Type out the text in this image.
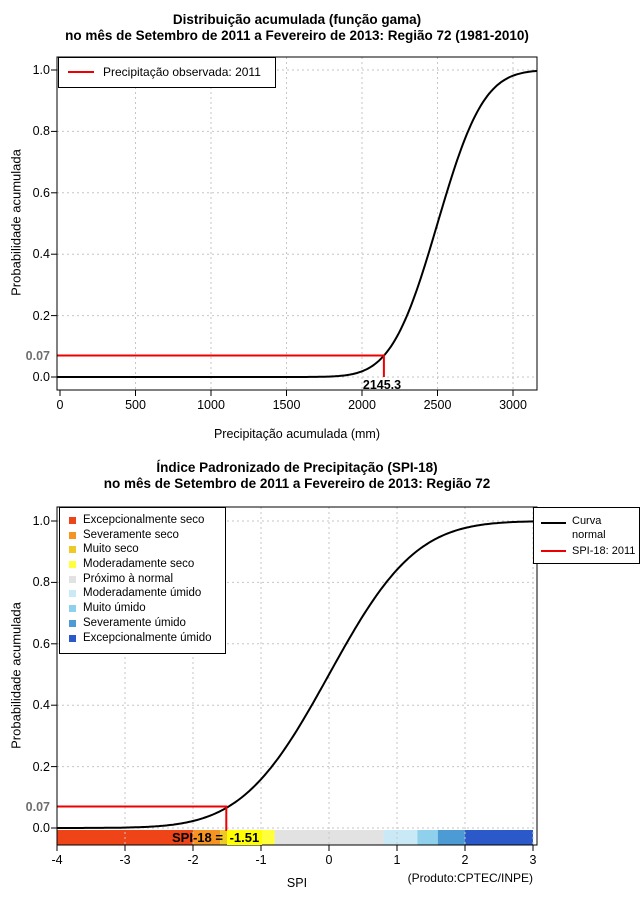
Distribuição acumulada (função gama)
no mês de Setembro de 2011 a Fevereiro de 2013: Região 72 (1981-2010)
Probabilidade acumulada
Precipitação acumulada (mm)
0	500	1000	1500	2000	2500	3000
0.0
0.2
0.4
0.6
0.8
1.0
0.07
2145.3
Índice Padronizado de Precipitação (SPI-18)
no mês de Setembro de 2011 a Fevereiro de 2013: Região 72
Probabilidade acumulada
SPI
-4	-3	-2	-1	0	1	2	3
0.0
0.2
0.4
0.6
0.8
1.0
0.07
SPI-18 = -1.51
(Produto:CPTEC/INPE)
Precipitação observada: 2011
Excepcionalmente seco
Severamente seco
Muito seco
Moderadamente seco
Próximo à normal
Moderadamente úmido
Muito úmido
Severamente úmido
Excepcionalmente úmido
Curva normal
SPI-18: 2011
